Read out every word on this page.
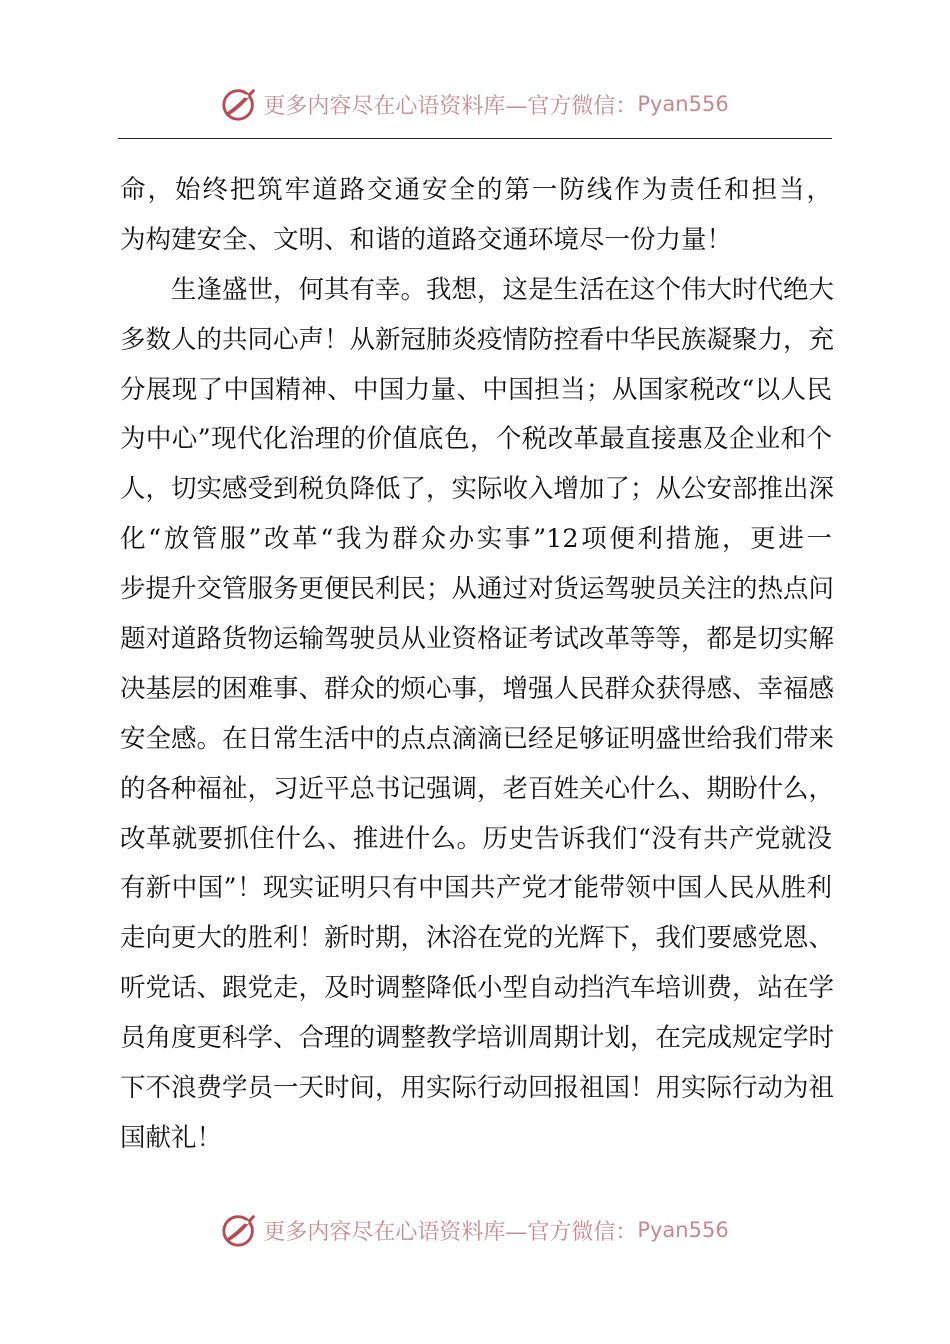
更多内容尽在心语资料库—官方微信： Pyan556
命，始终把筑牢道路交通安全的第一防线作为责任和担当，
为构建安全、文明、和谐的道路交通环境尽一份力量！
生逢盛世，何其有幸。我想，这是生活在这个伟大时代绝大
多数人的共同心声！从新冠肺炎疫情防控看中华民族凝聚力，充
分展现了中国精神、中国力量、中国担当；从国家税改“以人民
为中心”现代化治理的价值底色，个税改革最直接惠及企业和个
人，切实感受到税负降低了，实际收入增加了；从公安部推出深
化“放管服”改革“我为群众办实事”12项便利措施，更进一
步提升交管服务更便民利民；从通过对货运驾驶员关注的热点问
题对道路货物运输驾驶员从业资格证考试改革等等，都是切实解
决基层的困难事、群众的烦心事，增强人民群众获得感、幸福感
安全感。在日常生活中的点点滴滴已经足够证明盛世给我们带来
的各种福祉，习近平总书记强调，老百姓关心什么、期盼什么，
改革就要抓住什么、推进什么。历史告诉我们“没有共产党就没
有新中国”！现实证明只有中国共产党才能带领中国人民从胜利
走向更大的胜利！新时期，沐浴在党的光辉下，我们要感党恩、
听党话、跟党走，及时调整降低小型自动挡汽车培训费，站在学
员角度更科学、合理的调整教学培训周期计划，在完成规定学时
下不浪费学员一天时间，用实际行动回报祖国！用实际行动为祖
国献礼！
更多内容尽在心语资料库—官方微信： Pyan556
